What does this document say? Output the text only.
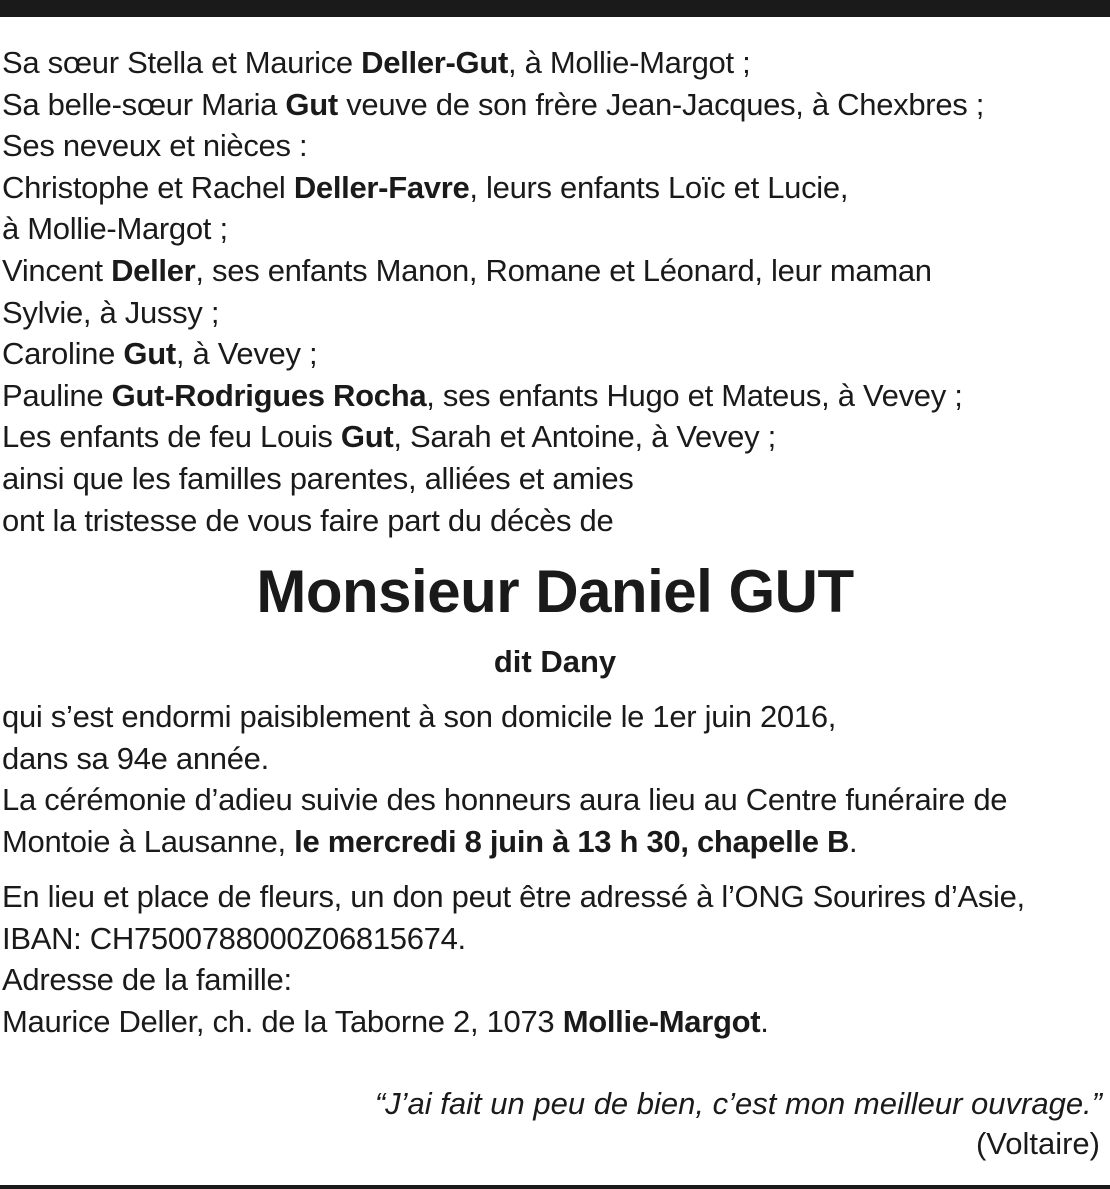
Sa sœur Stella et Maurice Deller-Gut, à Mollie-Margot ;
Sa belle-sœur Maria Gut veuve de son frère Jean-Jacques, à Chexbres ;
Ses neveux et nièces :
Christophe et Rachel Deller-Favre, leurs enfants Loïc et Lucie,
à Mollie-Margot ;
Vincent Deller, ses enfants Manon, Romane et Léonard, leur maman
Sylvie, à Jussy ;
Caroline Gut, à Vevey ;
Pauline Gut-Rodrigues Rocha, ses enfants Hugo et Mateus, à Vevey ;
Les enfants de feu Louis Gut, Sarah et Antoine, à Vevey ;
ainsi que les familles parentes, alliées et amies
ont la tristesse de vous faire part du décès de
Monsieur Daniel GUT
dit Dany
qui s’est endormi paisiblement à son domicile le 1er juin 2016,
dans sa 94e année.
La cérémonie d’adieu suivie des honneurs aura lieu au Centre funéraire de
Montoie à Lausanne, le mercredi 8 juin à 13 h 30, chapelle B.
En lieu et place de fleurs, un don peut être adressé à l’ONG Sourires d’Asie,
IBAN: CH7500788000Z06815674.
Adresse de la famille:
Maurice Deller, ch. de la Taborne 2, 1073 Mollie-Margot.
“J’ai fait un peu de bien, c’est mon meilleur ouvrage.”
(Voltaire)
